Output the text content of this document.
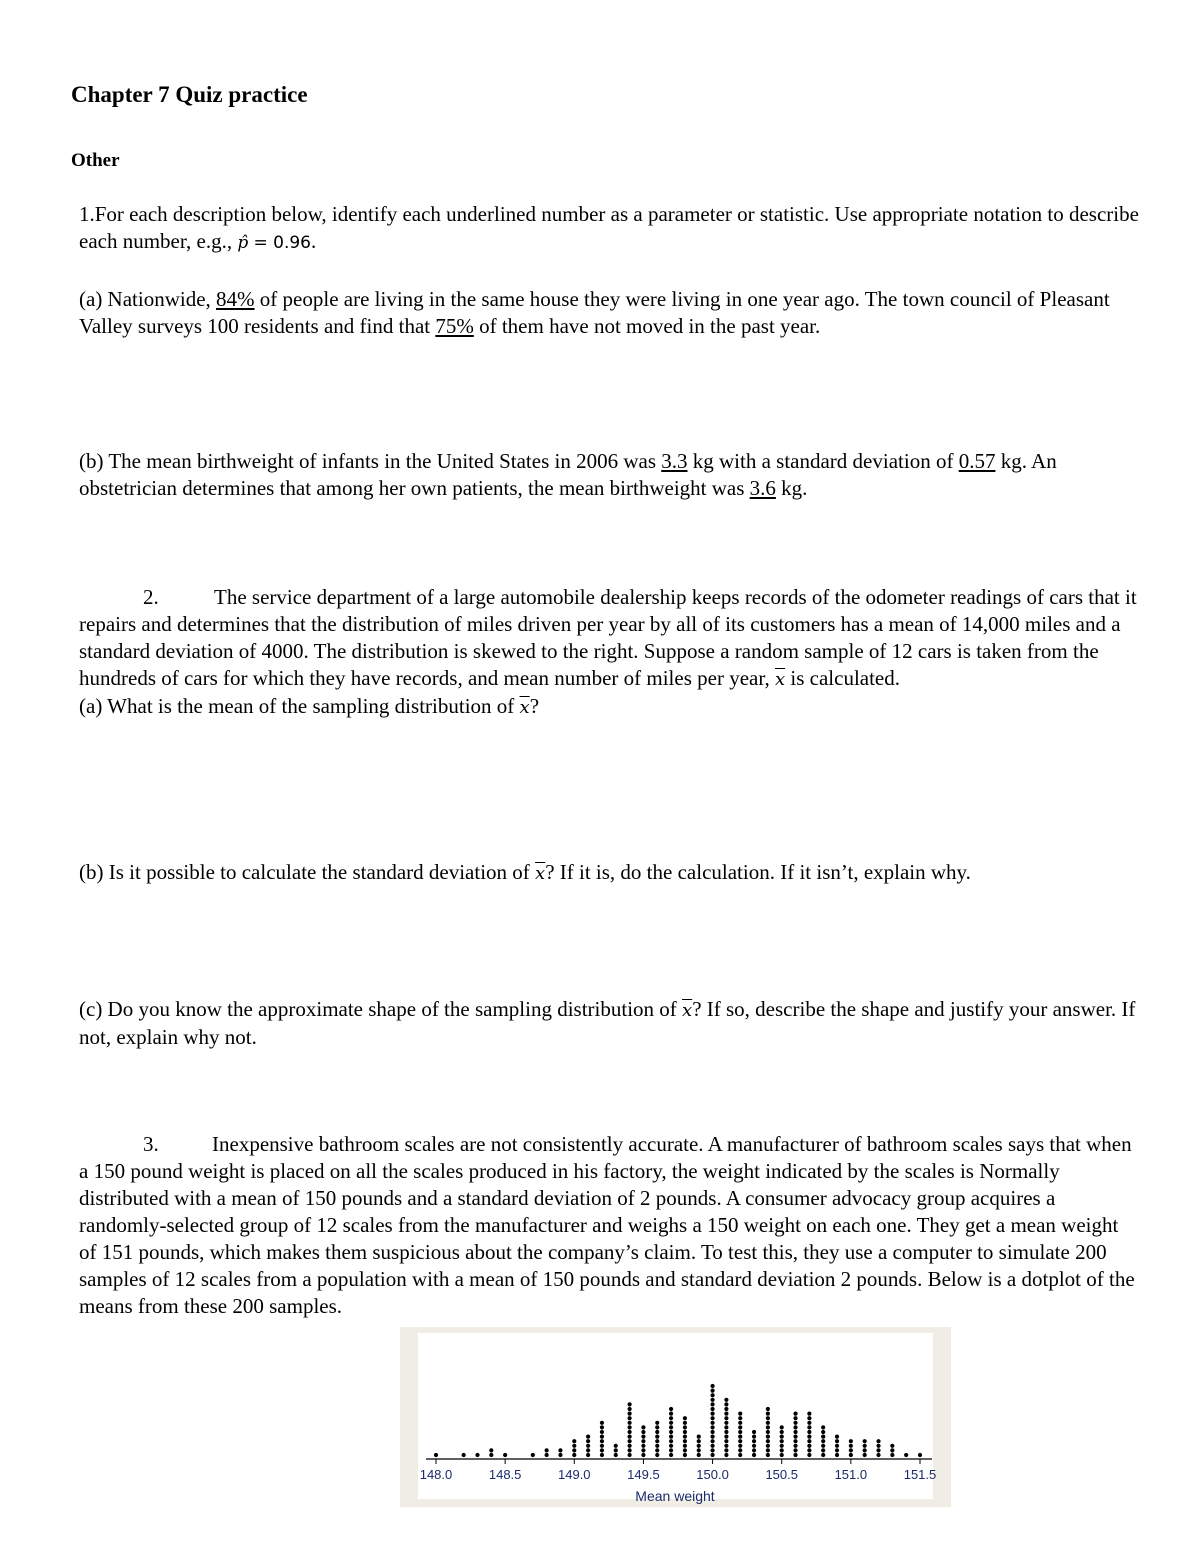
Chapter 7 Quiz practice
Other
1.For each description below, identify each underlined number as a parameter or statistic. Use appropriate notation to describe each number, e.g., p̂ = 0.96.
(a) Nationwide, 84% of people are living in the same house they were living in one year ago. The town council of Pleasant Valley surveys 100 residents and find that 75% of them have not moved in the past year.
(b) The mean birthweight of infants in the United States in 2006 was 3.3 kg with a standard deviation of 0.57 kg. An obstetrician determines that among her own patients, the mean birthweight was 3.6 kg.
2.	The service department of a large automobile dealership keeps records of the odometer readings of cars that it repairs and determines that the distribution of miles driven per year by all of its customers has a mean of 14,000 miles and a standard deviation of 4000. The distribution is skewed to the right. Suppose a random sample of 12 cars is taken from the hundreds of cars for which they have records, and mean number of miles per year, $\overline{x}$ is calculated.
(a) What is the mean of the sampling distribution of $\overline{x}$?
(b) Is it possible to calculate the standard deviation of $\overline{x}$? If it is, do the calculation. If it isn’t, explain why.
(c) Do you know the approximate shape of the sampling distribution of $\overline{x}$? If so, describe the shape and justify your answer. If not, explain why not.
3.	Inexpensive bathroom scales are not consistently accurate. A manufacturer of bathroom scales says that when a 150 pound weight is placed on all the scales produced in his factory, the weight indicated by the scales is Normally distributed with a mean of 150 pounds and a standard deviation of 2 pounds. A consumer advocacy group acquires a randomly-selected group of 12 scales from the manufacturer and weighs a 150 weight on each one. They get a mean weight of 151 pounds, which makes them suspicious about the company’s claim. To test this, they use a computer to simulate 200 samples of 12 scales from a population with a mean of 150 pounds and standard deviation 2 pounds. Below is a dotplot of the means from these 200 samples.
148.0	148.5	149.0	149.5	150.0	150.5	151.0	151.5
Mean weight
